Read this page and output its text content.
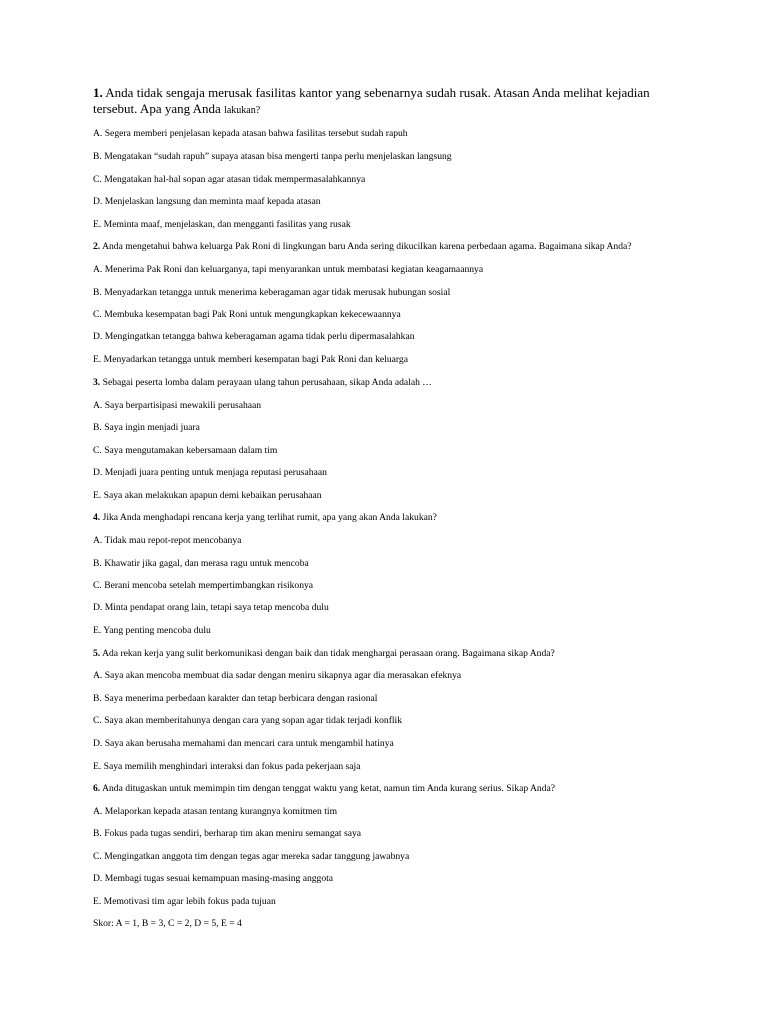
1. Anda tidak sengaja merusak fasilitas kantor yang sebenarnya sudah rusak. Atasan Anda melihat kejadian tersebut. Apa yang Anda lakukan?
A. Segera memberi penjelasan kepada atasan bahwa fasilitas tersebut sudah rapuh
B. Mengatakan “sudah rapuh” supaya atasan bisa mengerti tanpa perlu menjelaskan langsung
C. Mengatakan hal-hal sopan agar atasan tidak mempermasalahkannya
D. Menjelaskan langsung dan meminta maaf kepada atasan
E. Meminta maaf, menjelaskan, dan mengganti fasilitas yang rusak
2. Anda mengetahui bahwa keluarga Pak Roni di lingkungan baru Anda sering dikucilkan karena perbedaan agama. Bagaimana sikap Anda?
A. Menerima Pak Roni dan keluarganya, tapi menyarankan untuk membatasi kegiatan keagamaannya
B. Menyadarkan tetangga untuk menerima keberagaman agar tidak merusak hubungan sosial
C. Membuka kesempatan bagi Pak Roni untuk mengungkapkan kekecewaannya
D. Mengingatkan tetangga bahwa keberagaman agama tidak perlu dipermasalahkan
E. Menyadarkan tetangga untuk memberi kesempatan bagi Pak Roni dan keluarga
3. Sebagai peserta lomba dalam perayaan ulang tahun perusahaan, sikap Anda adalah …
A. Saya berpartisipasi mewakili perusahaan
B. Saya ingin menjadi juara
C. Saya mengutamakan kebersamaan dalam tim
D. Menjadi juara penting untuk menjaga reputasi perusahaan
E. Saya akan melakukan apapun demi kebaikan perusahaan
4. Jika Anda menghadapi rencana kerja yang terlihat rumit, apa yang akan Anda lakukan?
A. Tidak mau repot-repot mencobanya
B. Khawatir jika gagal, dan merasa ragu untuk mencoba
C. Berani mencoba setelah mempertimbangkan risikonya
D. Minta pendapat orang lain, tetapi saya tetap mencoba dulu
E. Yang penting mencoba dulu
5. Ada rekan kerja yang sulit berkomunikasi dengan baik dan tidak menghargai perasaan orang. Bagaimana sikap Anda?
A. Saya akan mencoba membuat dia sadar dengan meniru sikapnya agar dia merasakan efeknya
B. Saya menerima perbedaan karakter dan tetap berbicara dengan rasional
C. Saya akan memberitahunya dengan cara yang sopan agar tidak terjadi konflik
D. Saya akan berusaha memahami dan mencari cara untuk mengambil hatinya
E. Saya memilih menghindari interaksi dan fokus pada pekerjaan saja
6. Anda ditugaskan untuk memimpin tim dengan tenggat waktu yang ketat, namun tim Anda kurang serius. Sikap Anda?
A. Melaporkan kepada atasan tentang kurangnya komitmen tim
B. Fokus pada tugas sendiri, berharap tim akan meniru semangat saya
C. Mengingatkan anggota tim dengan tegas agar mereka sadar tanggung jawabnya
D. Membagi tugas sesuai kemampuan masing-masing anggota
E. Memotivasi tim agar lebih fokus pada tujuan
Skor: A = 1, B = 3, C = 2, D = 5, E = 4
